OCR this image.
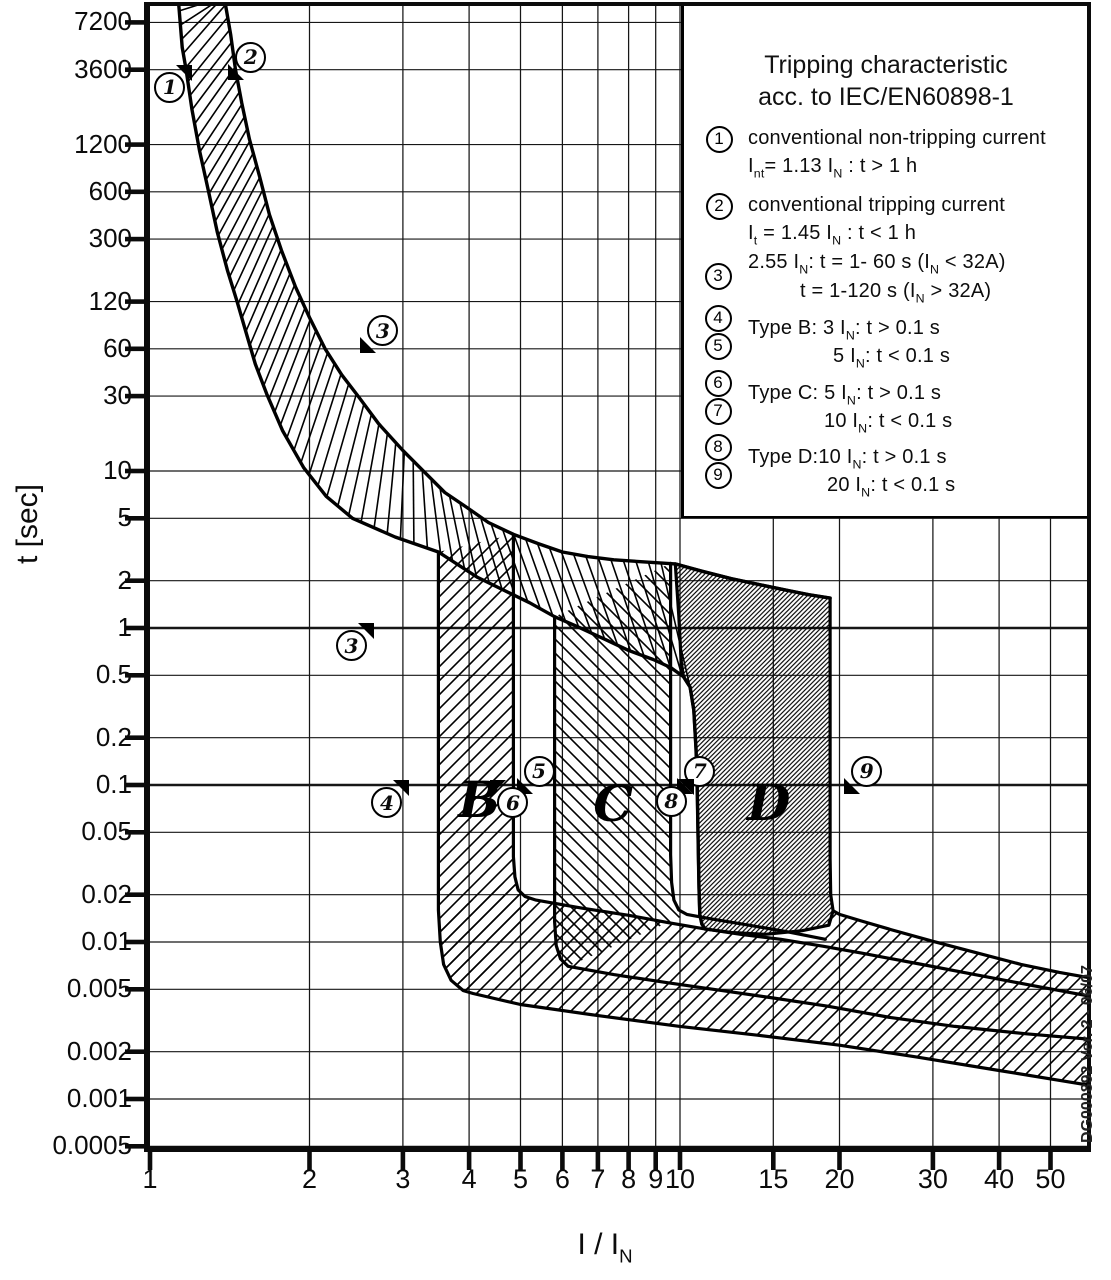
Tripping characteristic
acc. to IEC/EN60898-1
1	conventional non-tripping current
$I_{nt}= 1.13$ $I_N$ : t > 1 h
2	conventional tripping current
$I_t = 1.45$ $I_N$ : t < 1 h
3
2.55 $I_N$: t = 1- 60 s $(I_N < 32A)$
t = 1-120 s $(I_N > 32A)$
4	Type B: 3 $I_N$: t > 0.1 s
5	5 $I_N$: t < 0.1 s
6	Type C: 5 $I_N$: t > 0.1 s
7	10 $I_N$: t < 0.1 s
8	Type D:10 $I_N$: t > 0.1 s
9	20 $I_N$: t < 0.1 s
t [sec]
I / $I_N$
DG000892 Ver. 2 - 06/07
7200
3600
1200
600
300
120
60
30
10
5
2
1
0.5
0.2
0.1
0.05
0.02
0.01
0.005
0.002
0.001
0.0005
1	2	3	4	5 6 7 8 9 10	15	20	30	40 50
1
2
3
3
4
5
6
7
8
9
B C D
